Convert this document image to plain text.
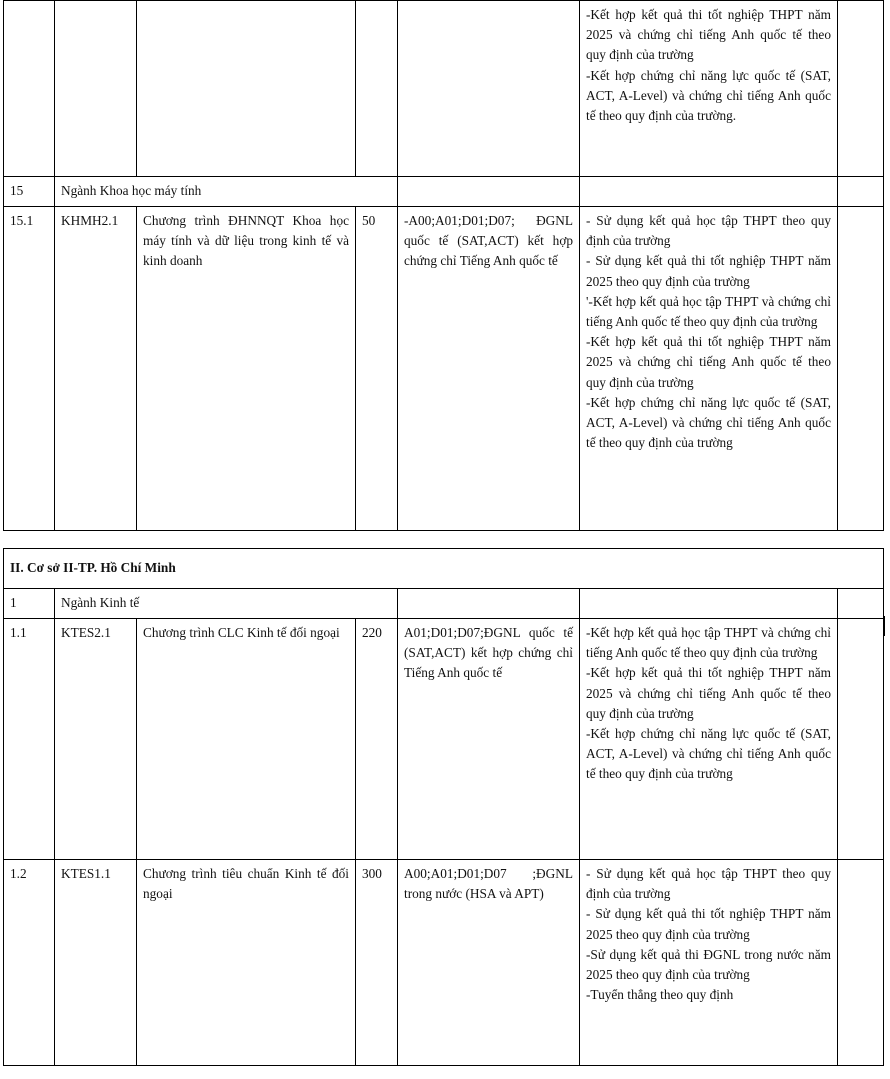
					-Kết hợp kết quả thi tốt nghiệp THPT năm 2025 và chứng chỉ tiếng Anh quốc tế theo quy định của trường
-Kết hợp chứng chỉ năng lực quốc tế (SAT, ACT, A-Level) và chứng chỉ tiếng Anh quốc tế theo quy định của trường.	

15	Ngành Khoa học máy tính					
15.1	KHMH2.1	Chương trình ĐHNNQT Khoa học máy tính và dữ liệu trong kinh tế và kinh doanh	50	-A00;A01;D01;D07; ĐGNL quốc tế (SAT,ACT) kết hợp chứng chỉ Tiếng Anh quốc tế	- Sử dụng kết quả học tập THPT theo quy định của trường
- Sử dụng kết quả thi tốt nghiệp THPT năm 2025 theo quy định của trường
'-Kết hợp kết quả học tập THPT và chứng chỉ tiếng Anh quốc tế theo quy định của trường
-Kết hợp kết quả thi tốt nghiệp THPT năm 2025 và chứng chỉ tiếng Anh quốc tế theo quy định của trường
-Kết hợp chứng chỉ năng lực quốc tế (SAT, ACT, A-Level) và chứng chỉ tiếng Anh quốc tế theo quy định của trường	

II. Cơ sở II-TP. Hồ Chí Minh						
1	Ngành Kinh tế					
1.1	KTES2.1	Chương trình CLC Kinh tế đối ngoại	220	A01;D01;D07;ĐGNL quốc tế (SAT,ACT) kết hợp chứng chỉ Tiếng Anh quốc tế	-Kết hợp kết quả học tập THPT và chứng chỉ tiếng Anh quốc tế theo quy định của trường
-Kết hợp kết quả thi tốt nghiệp THPT năm 2025 và chứng chỉ tiếng Anh quốc tế theo quy định của trường
-Kết hợp chứng chỉ năng lực quốc tế (SAT, ACT, A-Level) và chứng chỉ tiếng Anh quốc tế theo quy định của trường	

1.2	KTES1.1	Chương trình tiêu chuẩn Kinh tế đối ngoại	300	A00;A01;D01;D07 ;ĐGNL trong nước (HSA và APT)	- Sử dụng kết quả học tập THPT theo quy định của trường
- Sử dụng kết quả thi tốt nghiệp THPT năm 2025 theo quy định của trường
-Sử dụng kết quả thi ĐGNL trong nước năm 2025 theo quy định của trường
-Tuyển thẳng theo quy định	
